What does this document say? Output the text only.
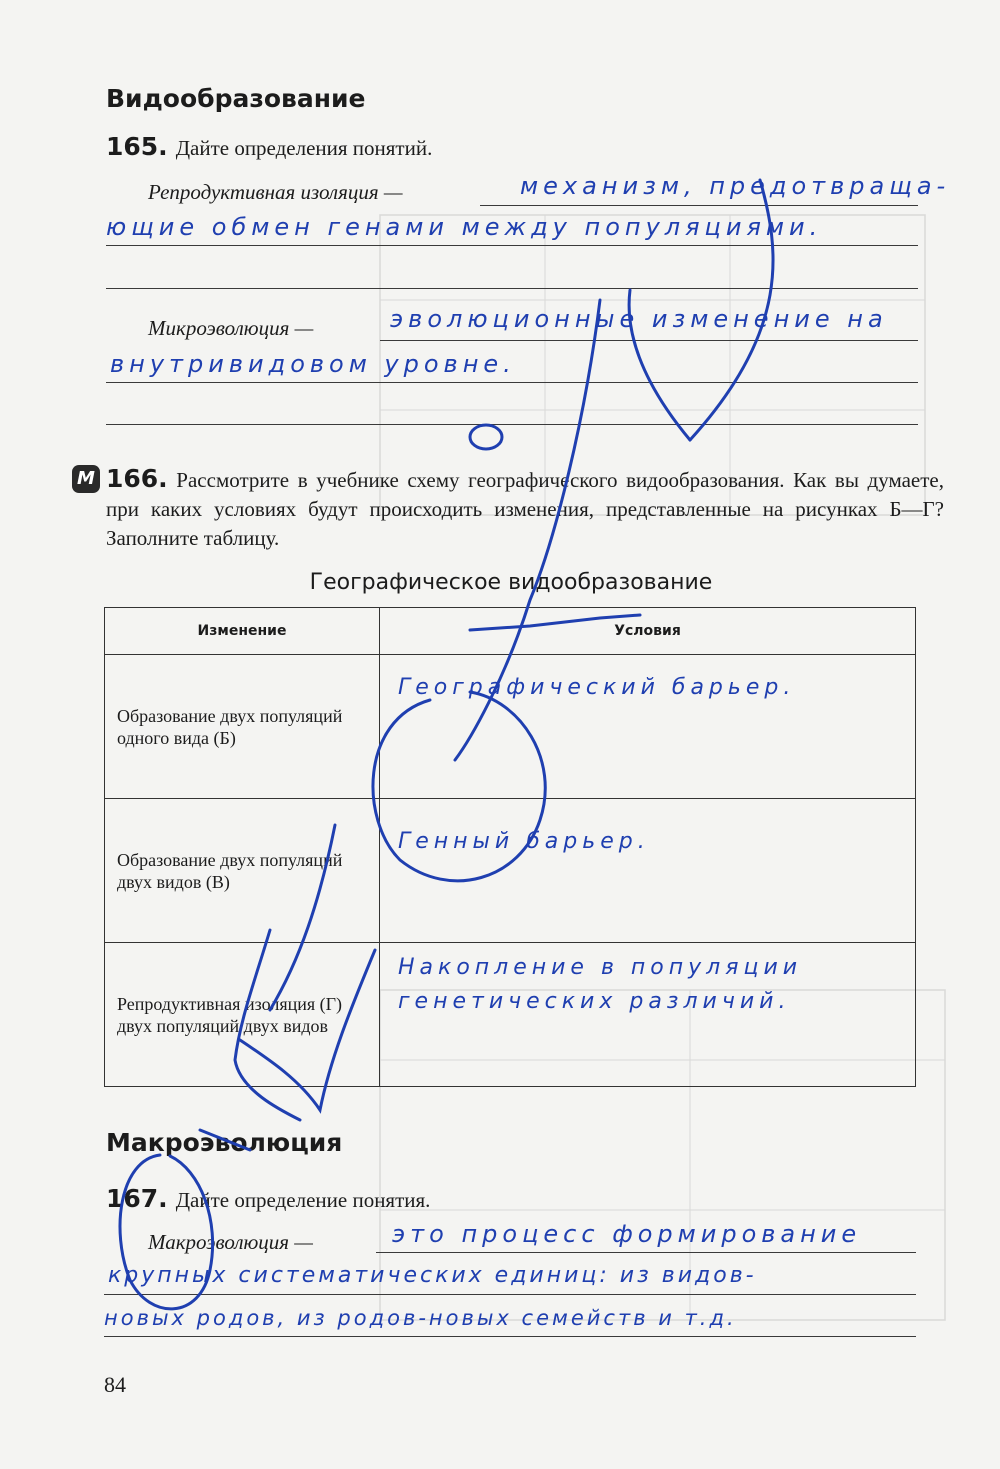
Видообразование
165. Дайте определения понятий.
Репродуктивная изоляция —	механизм, предотвраща-
ющие обмен генами между популяциями.
Микроэволюция —	эволюционные изменение на
внутривидовом уровне.
М 166. Рассмотрите в учебнике схему географического видообразования. Как вы думаете, при каких условиях будут происходить изменения, представленные на рисунках Б—Г? Заполните таблицу.
Географическое видообразование
Изменение	Условия
Образование двух популяций одного вида (Б)	Географический барьер.

Образование двух популяций двух видов (В)	Генный барьер.

Репродуктивная изоляция (Г) двух популяций двух видов	Накопление в популяции
генетических различий.
Макроэволюция
167. Дайте определение понятия.
Макроэволюция —	это процесс формирование
крупных систематических единиц: из видов-
новых родов, из родов-новых семейств и т.д.
84
